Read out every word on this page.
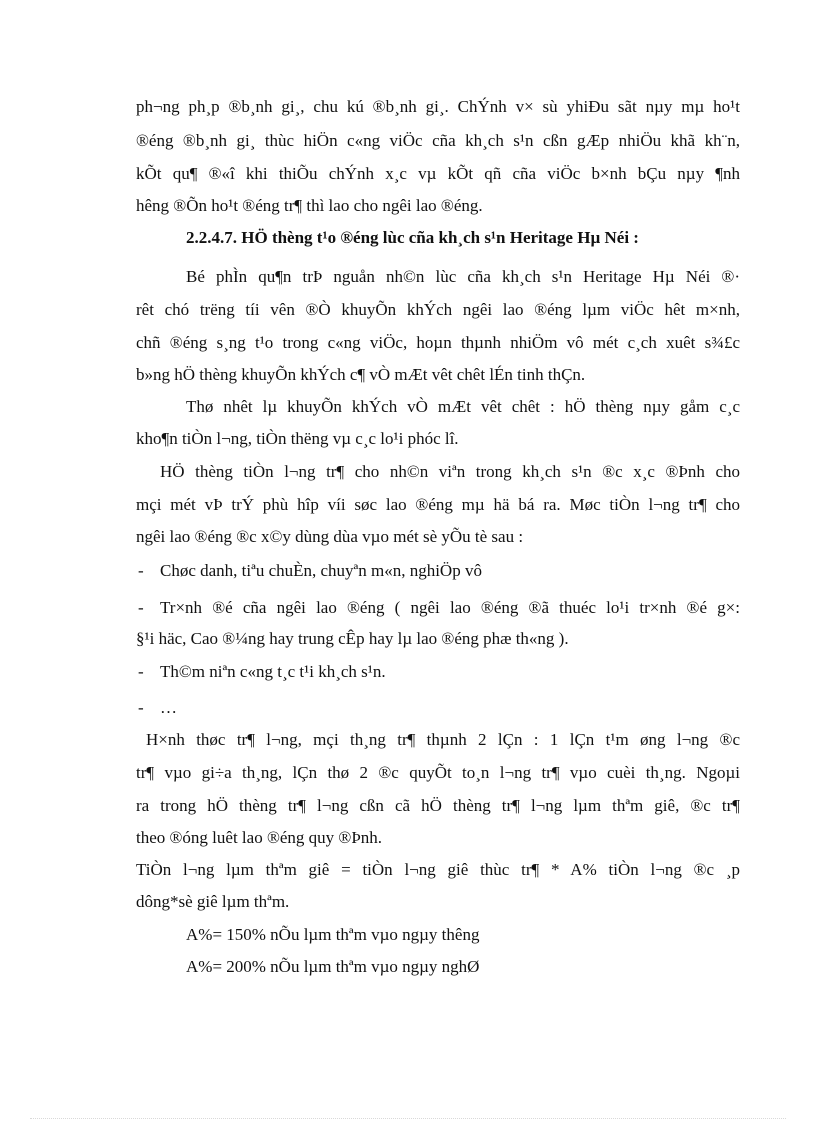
ph¬ng ph¸p ®b¸nh gi¸, chu kú ®b¸nh gi¸. ChÝnh v× sù yhiÐu sãt nµy mµ ho¹t
®éng ®b¸nh gi¸ thùc hiÖn c«ng viÖc cña kh¸ch s¹n cßn gÆp nhiÖu khã kh¨n,
kÕt qu¶ ®«î khi thiÕu chÝnh x¸c vµ kÕt qñ cña viÖc b×nh bÇu nµy ¶nh
hêng ®Õn ho¹t ®éng tr¶ thì lao cho ngêi lao ®éng.
2.2.4.7. HÖ thèng t¹o ®éng lùc cña kh¸ch s¹n Heritage Hµ Néi :
Bé phÌn qu¶n trÞ nguån nh©n lùc cña kh¸ch s¹n Heritage Hµ Néi ®·
rêt chó trëng tíi vên ®Ò khuyÕn khÝch ngêi lao ®éng lµm viÖc hêt m×nh,
chñ ®éng s¸ng t¹o trong c«ng viÖc, hoµn thµnh nhiÖm vô mét c¸ch xuêt s¾£c
b»ng hÖ thèng khuyÕn khÝch c¶ vÒ mÆt vêt chêt lÉn tinh thÇn.
Thø nhêt lµ khuyÕn khÝch vÒ mÆt vêt chêt : hÖ thèng nµy gåm c¸c
kho¶n tiÒn l¬ng, tiÒn thëng vµ c¸c lo¹i phóc lî.
HÖ thèng tiÒn l¬ng tr¶ cho nh©n viªn trong kh¸ch s¹n ®c x¸c ®Þnh cho
mçi mét vÞ trÝ phù hîp víi søc lao ®éng mµ hä bá ra. Møc tiÒn l¬ng tr¶ cho
ngêi lao ®éng ®c x©y dùng dùa vµo mét sè yÕu tè sau :
- Chøc danh, tiªu chuÈn, chuyªn m«n, nghiÖp vô
- Tr×nh ®é cña ngêi lao ®éng ( ngêi lao ®éng ®ã thuéc lo¹i tr×nh ®é g×:
§¹i häc, Cao ®¼ng hay trung cÊp hay lµ lao ®éng phæ th«ng ).
- Th©m niªn c«ng t¸c t¹i kh¸ch s¹n.
- …
H×nh thøc tr¶ l¬ng, mçi th¸ng tr¶ thµnh 2 lÇn : 1 lÇn t¹m øng l¬ng ®c
tr¶ vµo gi÷a th¸ng, lÇn thø 2 ®c quyÕt to¸n l¬ng tr¶ vµo cuèi th¸ng. Ngoµi
ra trong hÖ thèng tr¶ l¬ng cßn cã hÖ thèng tr¶ l¬ng lµm thªm giê, ®c tr¶
theo ®óng luêt lao ®éng quy ®Þnh.
TiÒn l¬ng lµm thªm giê = tiÒn l¬ng giê thùc tr¶ * A% tiÒn l¬ng ®c ¸p
dông*sè giê lµm thªm.
A%= 150% nÕu lµm thªm vµo ngµy thêng
A%= 200% nÕu lµm thªm vµo ngµy nghØ
